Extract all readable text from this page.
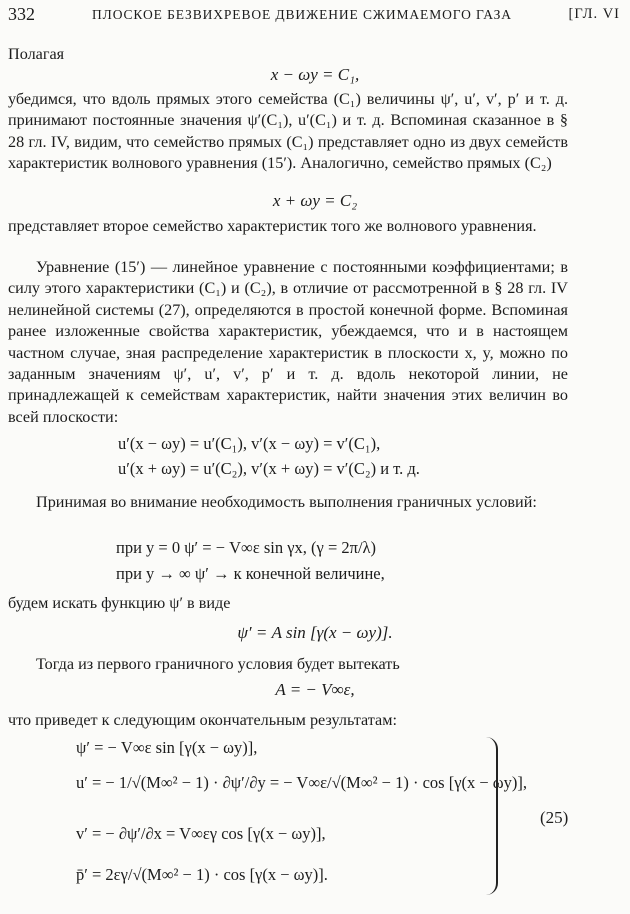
332	ПЛОСКОЕ БЕЗВИХРЕВОЕ ДВИЖЕНИЕ СЖИМАЕМОГО ГАЗА	[ГЛ. VI
Полагая
x − ωy = C₁,
убедимся, что вдоль прямых этого семейства (C₁) величины ψ′, u′, v′, p′ и т. д. принимают постоянные значения ψ′(C₁), u′(C₁) и т. д. Вспоминая сказанное в § 28 гл. IV, видим, что семейство прямых (C₁) представляет одно из двух семейств характеристик волнового уравнения (15′). Аналогично, семейство прямых (C₂)
x + ωy = C₂
представляет второе семейство характеристик того же волнового уравнения.
Уравнение (15′) — линейное уравнение с постоянными коэффициентами; в силу этого характеристики (C₁) и (C₂), в отличие от рассмотренной в § 28 гл. IV нелинейной системы (27), определяются в простой конечной форме. Вспоминая ранее изложенные свойства характеристик, убеждаемся, что и в настоящем частном случае, зная распределение характеристик в плоскости x, y, можно по заданным значениям ψ′, u′, v′, p′ и т. д. вдоль некоторой линии, не принадлежащей к семействам характеристик, найти значения этих величин во всей плоскости:
u′(x − ωy) = u′(C₁), v′(x − ωy) = v′(C₁),
u′(x + ωy) = u′(C₂), v′(x + ωy) = v′(C₂) и т. д.
Принимая во внимание необходимость выполнения граничных условий:
при y = 0 ψ′ = − V∞ε sin γx, (γ = 2π/λ)
при y → ∞ ψ′ → к конечной величине,
будем искать функцию ψ′ в виде
ψ′ = A sin [γ(x − ωy)].
Тогда из первого граничного условия будет вытекать
A = − V∞ε,
что приведет к следующим окончательным результатам:
ψ′ = − V∞ε sin [γ(x − ωy)],
u′ = − 1/√(M∞² − 1) · ∂ψ′/∂y = − V∞ε/√(M∞² − 1) · cos [γ(x − ωy)],
v′ = − ∂ψ′/∂x = V∞εγ cos [γ(x − ωy)],
p̄′ = 2εγ/√(M∞² − 1) · cos [γ(x − ωy)].
(25)
